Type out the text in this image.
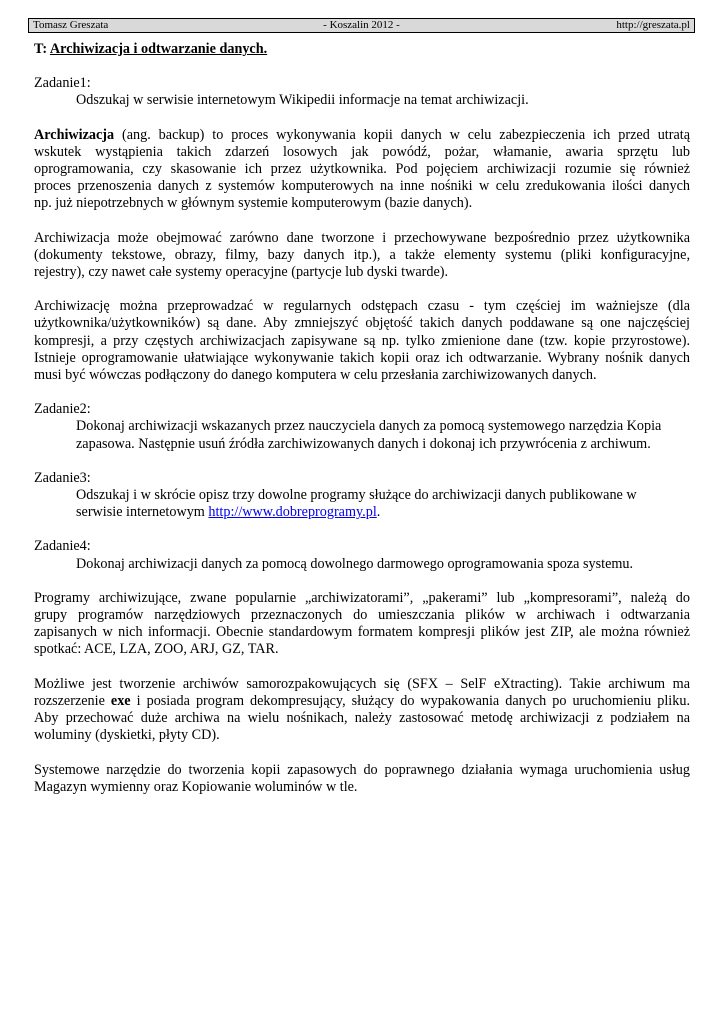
Tomasz Greszata	- Koszalin 2012 -	http://greszata.pl

T: Archiwizacja i odtwarzanie danych.

Zadanie1:

Odszukaj w serwisie internetowym Wikipedii informacje na temat archiwizacji.

Archiwizacja (ang. backup) to proces wykonywania kopii danych w celu zabezpieczenia ich przed utratą
wskutek wystąpienia takich zdarzeń losowych jak powódź, pożar, włamanie, awaria sprzętu lub
oprogramowania, czy skasowanie ich przez użytkownika. Pod pojęciem archiwizacji rozumie się również
proces przenoszenia danych z systemów komputerowych na inne nośniki w celu zredukowania ilości danych
np. już niepotrzebnych w głównym systemie komputerowym (bazie danych).
Archiwizacja może obejmować zarówno dane tworzone i przechowywane bezpośrednio przez użytkownika
(dokumenty tekstowe, obrazy, filmy, bazy danych itp.), a także elementy systemu (pliki konfiguracyjne,
rejestry), czy nawet całe systemy operacyjne (partycje lub dyski twarde).
Archiwizację można przeprowadzać w regularnych odstępach czasu - tym częściej im ważniejsze (dla
użytkownika/użytkowników) są dane. Aby zmniejszyć objętość takich danych poddawane są one najczęściej
kompresji, a przy częstych archiwizacjach zapisywane są np. tylko zmienione dane (tzw. kopie przyrostowe).
Istnieje oprogramowanie ułatwiające wykonywanie takich kopii oraz ich odtwarzanie. Wybrany nośnik danych
musi być wówczas podłączony do danego komputera w celu przesłania zarchiwizowanych danych.

Zadanie2:

Dokonaj archiwizacji wskazanych przez nauczyciela danych za pomocą systemowego narzędzia Kopia
zapasowa. Następnie usuń źródła zarchiwizowanych danych i dokonaj ich przywrócenia z archiwum.

Zadanie3:

Odszukaj i w skrócie opisz trzy dowolne programy służące do archiwizacji danych publikowane w
serwisie internetowym http://www.dobreprogramy.pl.

Zadanie4:

Dokonaj archiwizacji danych za pomocą dowolnego darmowego oprogramowania spoza systemu.

Programy archiwizujące, zwane popularnie „archiwizatorami”, „pakerami” lub „kompresorami”, należą do
grupy programów narzędziowych przeznaczonych do umieszczania plików w archiwach i odtwarzania
zapisanych w nich informacji. Obecnie standardowym formatem kompresji plików jest ZIP, ale można również
spotkać: ACE, LZA, ZOO, ARJ, GZ, TAR.
Możliwe jest tworzenie archiwów samorozpakowujących się (SFX – SelF eXtracting). Takie archiwum ma
rozszerzenie exe i posiada program dekompresujący, służący do wypakowania danych po uruchomieniu pliku.
Aby przechować duże archiwa na wielu nośnikach, należy zastosować metodę archiwizacji z podziałem na
woluminy (dyskietki, płyty CD).
Systemowe narzędzie do tworzenia kopii zapasowych do poprawnego działania wymaga uruchomienia usług
Magazyn wymienny oraz Kopiowanie woluminów w tle.
